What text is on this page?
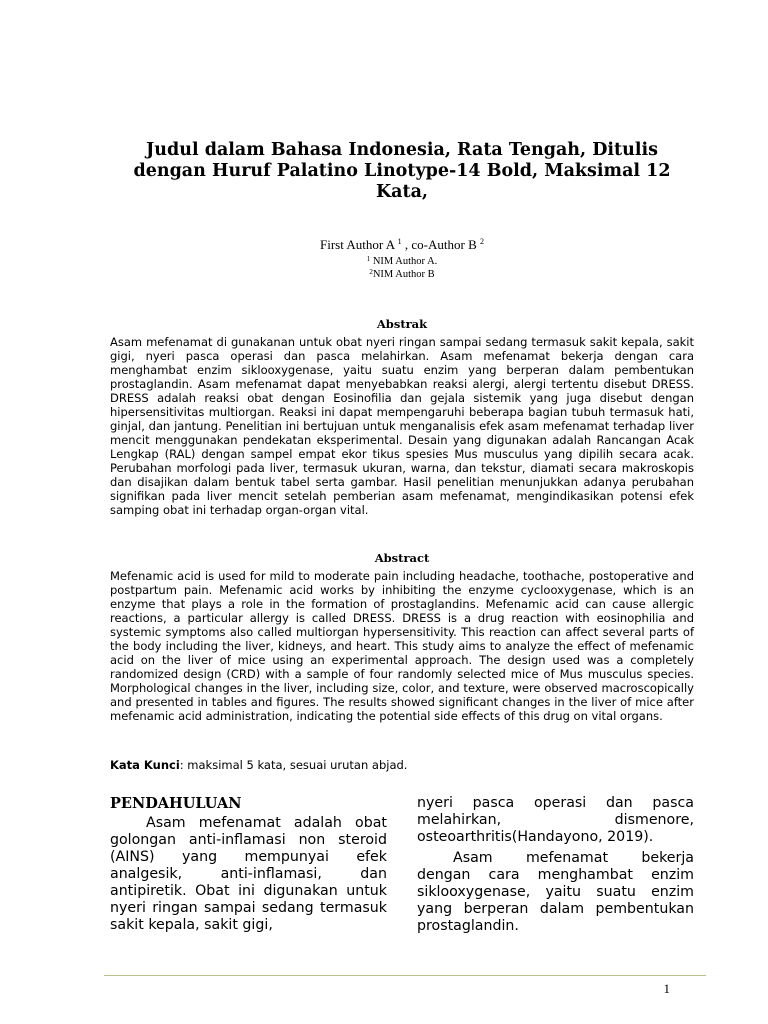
Judul dalam Bahasa Indonesia, Rata Tengah, Ditulis dengan Huruf Palatino Linotype-14 Bold, Maksimal 12 Kata,

First Author A $^1$ , co-Author B $^2$

$^1$ NIM Author A.

$^2$NIM Author B

Abstrak

Asam mefenamat di gunakanan untuk obat nyeri ringan sampai sedang termasuk sakit kepala, sakit gigi, nyeri pasca operasi dan pasca melahirkan. Asam mefenamat bekerja dengan cara menghambat enzim siklooxygenase, yaitu suatu enzim yang berperan dalam pembentukan prostaglandin. Asam mefenamat dapat menyebabkan reaksi alergi, alergi tertentu disebut DRESS. DRESS adalah reaksi obat dengan Eosinofilia dan gejala sistemik yang juga disebut dengan hipersensitivitas multiorgan. Reaksi ini dapat mempengaruhi beberapa bagian tubuh termasuk hati, ginjal, dan jantung. Penelitian ini bertujuan untuk menganalisis efek asam mefenamat terhadap liver mencit menggunakan pendekatan eksperimental. Desain yang digunakan adalah Rancangan Acak Lengkap (RAL) dengan sampel empat ekor tikus spesies Mus musculus yang dipilih secara acak. Perubahan morfologi pada liver, termasuk ukuran, warna, dan tekstur, diamati secara makroskopis dan disajikan dalam bentuk tabel serta gambar. Hasil penelitian menunjukkan adanya perubahan signifikan pada liver mencit setelah pemberian asam mefenamat, mengindikasikan potensi efek samping obat ini terhadap organ-organ vital.

Abstract

Mefenamic acid is used for mild to moderate pain including headache, toothache, postoperative and postpartum pain. Mefenamic acid works by inhibiting the enzyme cyclooxygenase, which is an enzyme that plays a role in the formation of prostaglandins. Mefenamic acid can cause allergic reactions, a particular allergy is called DRESS. DRESS is a drug reaction with eosinophilia and systemic symptoms also called multiorgan hypersensitivity. This reaction can affect several parts of the body including the liver, kidneys, and heart. This study aims to analyze the effect of mefenamic acid on the liver of mice using an experimental approach. The design used was a completely randomized design (CRD) with a sample of four randomly selected mice of Mus musculus species. Morphological changes in the liver, including size, color, and texture, were observed macroscopically and presented in tables and figures. The results showed significant changes in the liver of mice after mefenamic acid administration, indicating the potential side effects of this drug on vital organs.

Kata Kunci: maksimal 5 kata, sesuai urutan abjad.

PENDAHULUAN

Asam mefenamat adalah obat golongan anti-inflamasi non steroid (AINS) yang mempunyai efek analgesik, anti-inflamasi, dan antipiretik. Obat ini digunakan untuk nyeri ringan sampai sedang termasuk sakit kepala, sakit gigi,

nyeri pasca operasi dan pasca melahirkan, dismenore, osteoarthritis(Handayono, 2019).

Asam mefenamat bekerja dengan cara menghambat enzim siklooxygenase, yaitu suatu enzim yang berperan dalam pembentukan prostaglandin.

1
